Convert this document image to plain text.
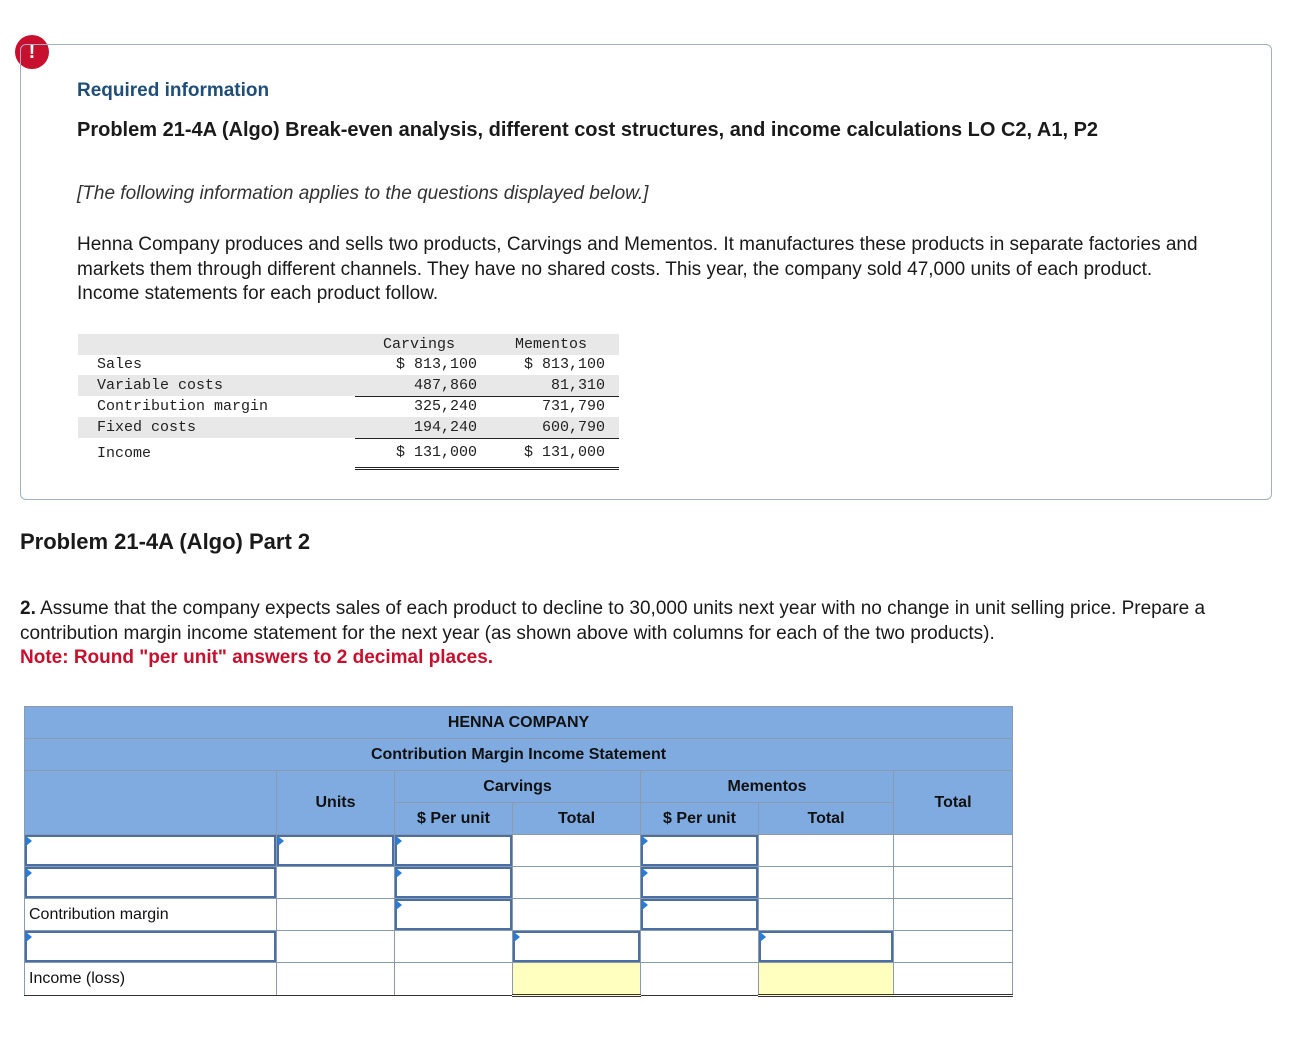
!
Required information
Problem 21-4A (Algo) Break-even analysis, different cost structures, and income calculations LO C2, A1, P2
[The following information applies to the questions displayed below.]
Henna Company produces and sells two products, Carvings and Mementos. It manufactures these products in separate factories and markets them through different channels. They have no shared costs. This year, the company sold 47,000 units of each product. Income statements for each product follow.
	Carvings	Mementos
Sales	$ 813,100	$ 813,100
Variable costs	487,860	81,310
Contribution margin	325,240	731,790
Fixed costs	194,240	600,790
Income	$ 131,000	$ 131,000
Problem 21-4A (Algo) Part 2
2. Assume that the company expects sales of each product to decline to 30,000 units next year with no change in unit selling price. Prepare a contribution margin income statement for the next year (as shown above with columns for each of the two products).
Note: Round "per unit" answers to 2 decimal places.
HENNA COMPANY						
Contribution Margin Income Statement						
	Units	Carvings		Mementos		Total
		$ Per unit	Total	$ Per unit	Total	

Contribution margin		

Income (loss)						
